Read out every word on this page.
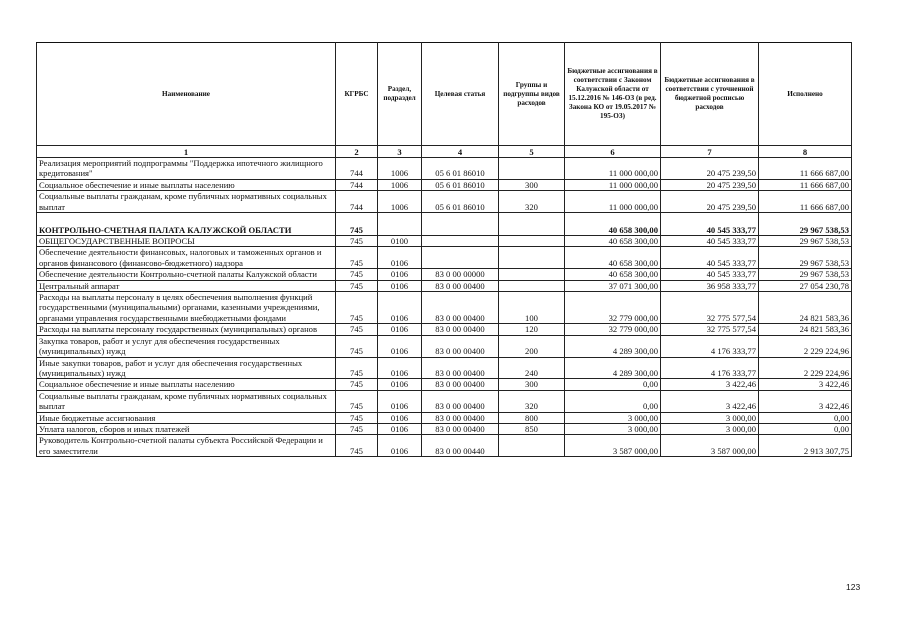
Наименование	КГРБС	Раздел, подраздел	Целевая статья	Группы и подгруппы видов расходов	Бюджетные ассигнования в соответствии с Законом Калужской области от 15.12.2016 № 146-ОЗ (в ред. Закона КО от 19.05.2017 № 195-ОЗ)	Бюджетные ассигнования в соответствии с уточненной бюджетной росписью расходов	Исполнено
1	2	3	4	5	6	7	8
Реализация мероприятий подпрограммы "Поддержка ипотечного жилищного кредитования"	744	1006	05 6 01 86010		11 000 000,00	20 475 239,50	11 666 687,00
Социальное обеспечение и иные выплаты населению	744	1006	05 6 01 86010	300	11 000 000,00	20 475 239,50	11 666 687,00
Социальные выплаты гражданам, кроме публичных нормативных социальных выплат	744	1006	05 6 01 86010	320	11 000 000,00	20 475 239,50	11 666 687,00
КОНТРОЛЬНО-СЧЕТНАЯ ПАЛАТА КАЛУЖСКОЙ ОБЛАСТИ	745				40 658 300,00	40 545 333,77	29 967 538,53
ОБЩЕГОСУДАРСТВЕННЫЕ ВОПРОСЫ	745	0100			40 658 300,00	40 545 333,77	29 967 538,53
Обеспечение деятельности финансовых, налоговых и таможенных органов и органов финансового (финансово-бюджетного) надзора	745	0106			40 658 300,00	40 545 333,77	29 967 538,53
Обеспечение деятельности Контрольно-счетной палаты Калужской области	745	0106	83 0 00 00000		40 658 300,00	40 545 333,77	29 967 538,53
Центральный аппарат	745	0106	83 0 00 00400		37 071 300,00	36 958 333,77	27 054 230,78
Расходы на выплаты персоналу в целях обеспечения выполнения функций государственными (муниципальными) органами, казенными учреждениями, органами управления государственными внебюджетными фондами	745	0106	83 0 00 00400	100	32 779 000,00	32 775 577,54	24 821 583,36
Расходы на выплаты персоналу государственных (муниципальных) органов	745	0106	83 0 00 00400	120	32 779 000,00	32 775 577,54	24 821 583,36
Закупка товаров, работ и услуг для обеспечения государственных (муниципальных) нужд	745	0106	83 0 00 00400	200	4 289 300,00	4 176 333,77	2 229 224,96
Иные закупки товаров, работ и услуг для обеспечения государственных (муниципальных) нужд	745	0106	83 0 00 00400	240	4 289 300,00	4 176 333,77	2 229 224,96
Социальное обеспечение и иные выплаты населению	745	0106	83 0 00 00400	300	0,00	3 422,46	3 422,46
Социальные выплаты гражданам, кроме публичных нормативных социальных выплат	745	0106	83 0 00 00400	320	0,00	3 422,46	3 422,46
Иные бюджетные ассигнования	745	0106	83 0 00 00400	800	3 000,00	3 000,00	0,00
Уплата налогов, сборов и иных платежей	745	0106	83 0 00 00400	850	3 000,00	3 000,00	0,00
Руководитель Контрольно-счетной палаты субъекта Российской Федерации и его заместители	745	0106	83 0 00 00440		3 587 000,00	3 587 000,00	2 913 307,75
123
